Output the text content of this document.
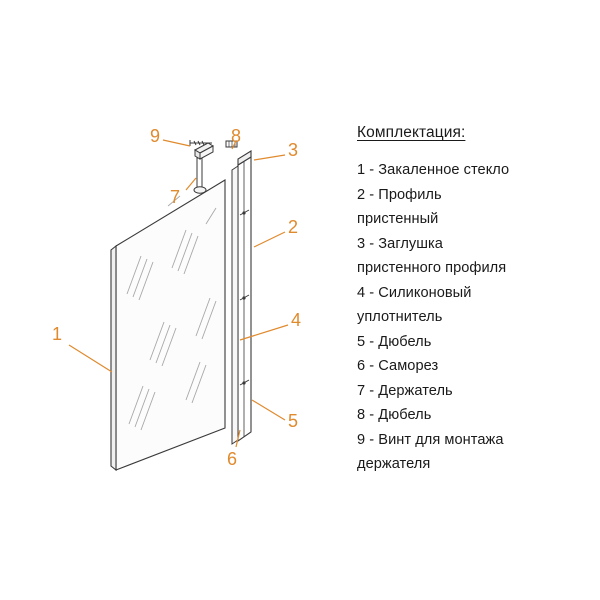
1
2
3
4
5
6
7
8
9	Комплектация:
1 - Закаленное стекло
2 - Профиль
пристенный
3 - Заглушка
пристенного профиля
4 - Силиконовый
уплотнитель
5 - Дюбель
6 - Саморез
7 - Держатель
8 - Дюбель
9 - Винт для монтажа
держателя
